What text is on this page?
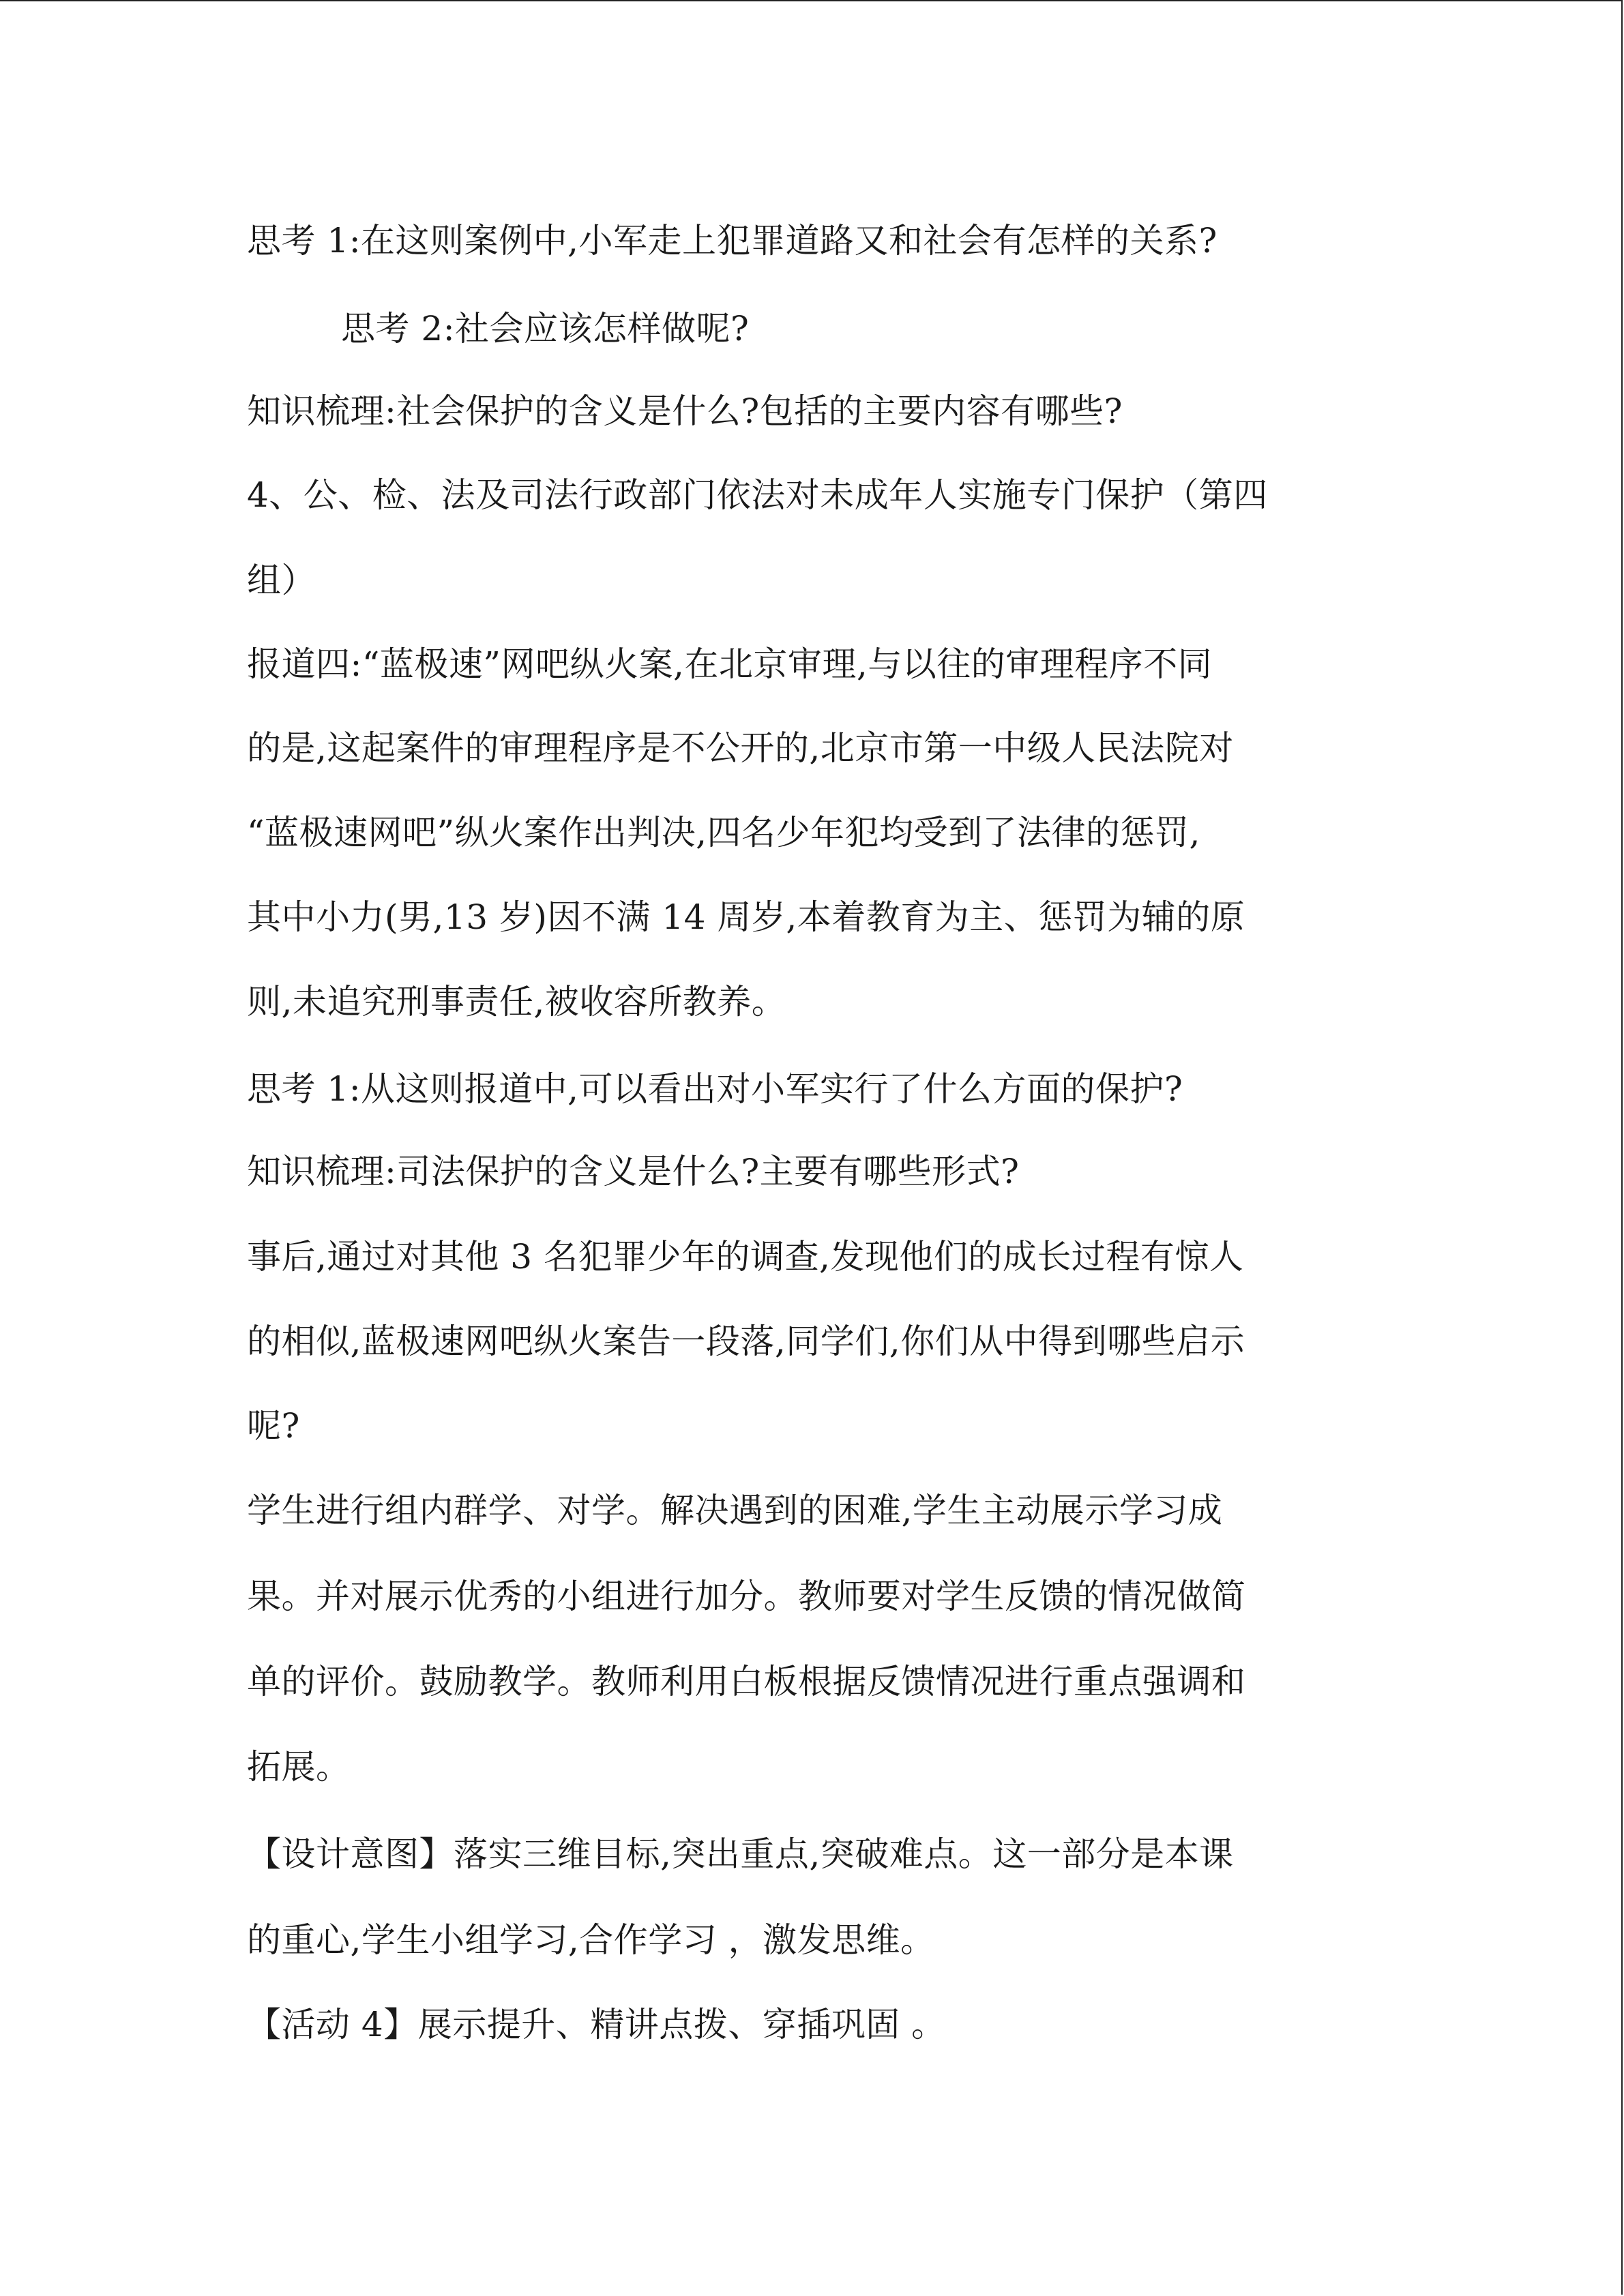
思考 1:在这则案例中,小军走上犯罪道路又和社会有怎样的关系?
思考 2:社会应该怎样做呢?
知识梳理:社会保护的含义是什么?包括的主要内容有哪些?
4、公、检、法及司法行政部门依法对未成年人实施专门保护（第四
组）
报道四:“蓝极速”网吧纵火案,在北京审理,与以往的审理程序不同
的是,这起案件的审理程序是不公开的,北京市第一中级人民法院对
“蓝极速网吧”纵火案作出判决,四名少年犯均受到了法律的惩罚,
其中小力(男,13 岁)因不满 14 周岁,本着教育为主、惩罚为辅的原
则,未追究刑事责任,被收容所教养。
思考 1:从这则报道中,可以看出对小军实行了什么方面的保护?
知识梳理:司法保护的含义是什么?主要有哪些形式?
事后,通过对其他 3 名犯罪少年的调查,发现他们的成长过程有惊人
的相似,蓝极速网吧纵火案告一段落,同学们,你们从中得到哪些启示
呢?
学生进行组内群学、对学。解决遇到的困难,学生主动展示学习成
果。并对展示优秀的小组进行加分。教师要对学生反馈的情况做简
单的评价。鼓励教学。教师利用白板根据反馈情况进行重点强调和
拓展。
【设计意图】落实三维目标,突出重点,突破难点。这一部分是本课
的重心,学生小组学习,合作学习 ，激发思维。
【活动 4】展示提升、精讲点拨、穿插巩固 。
